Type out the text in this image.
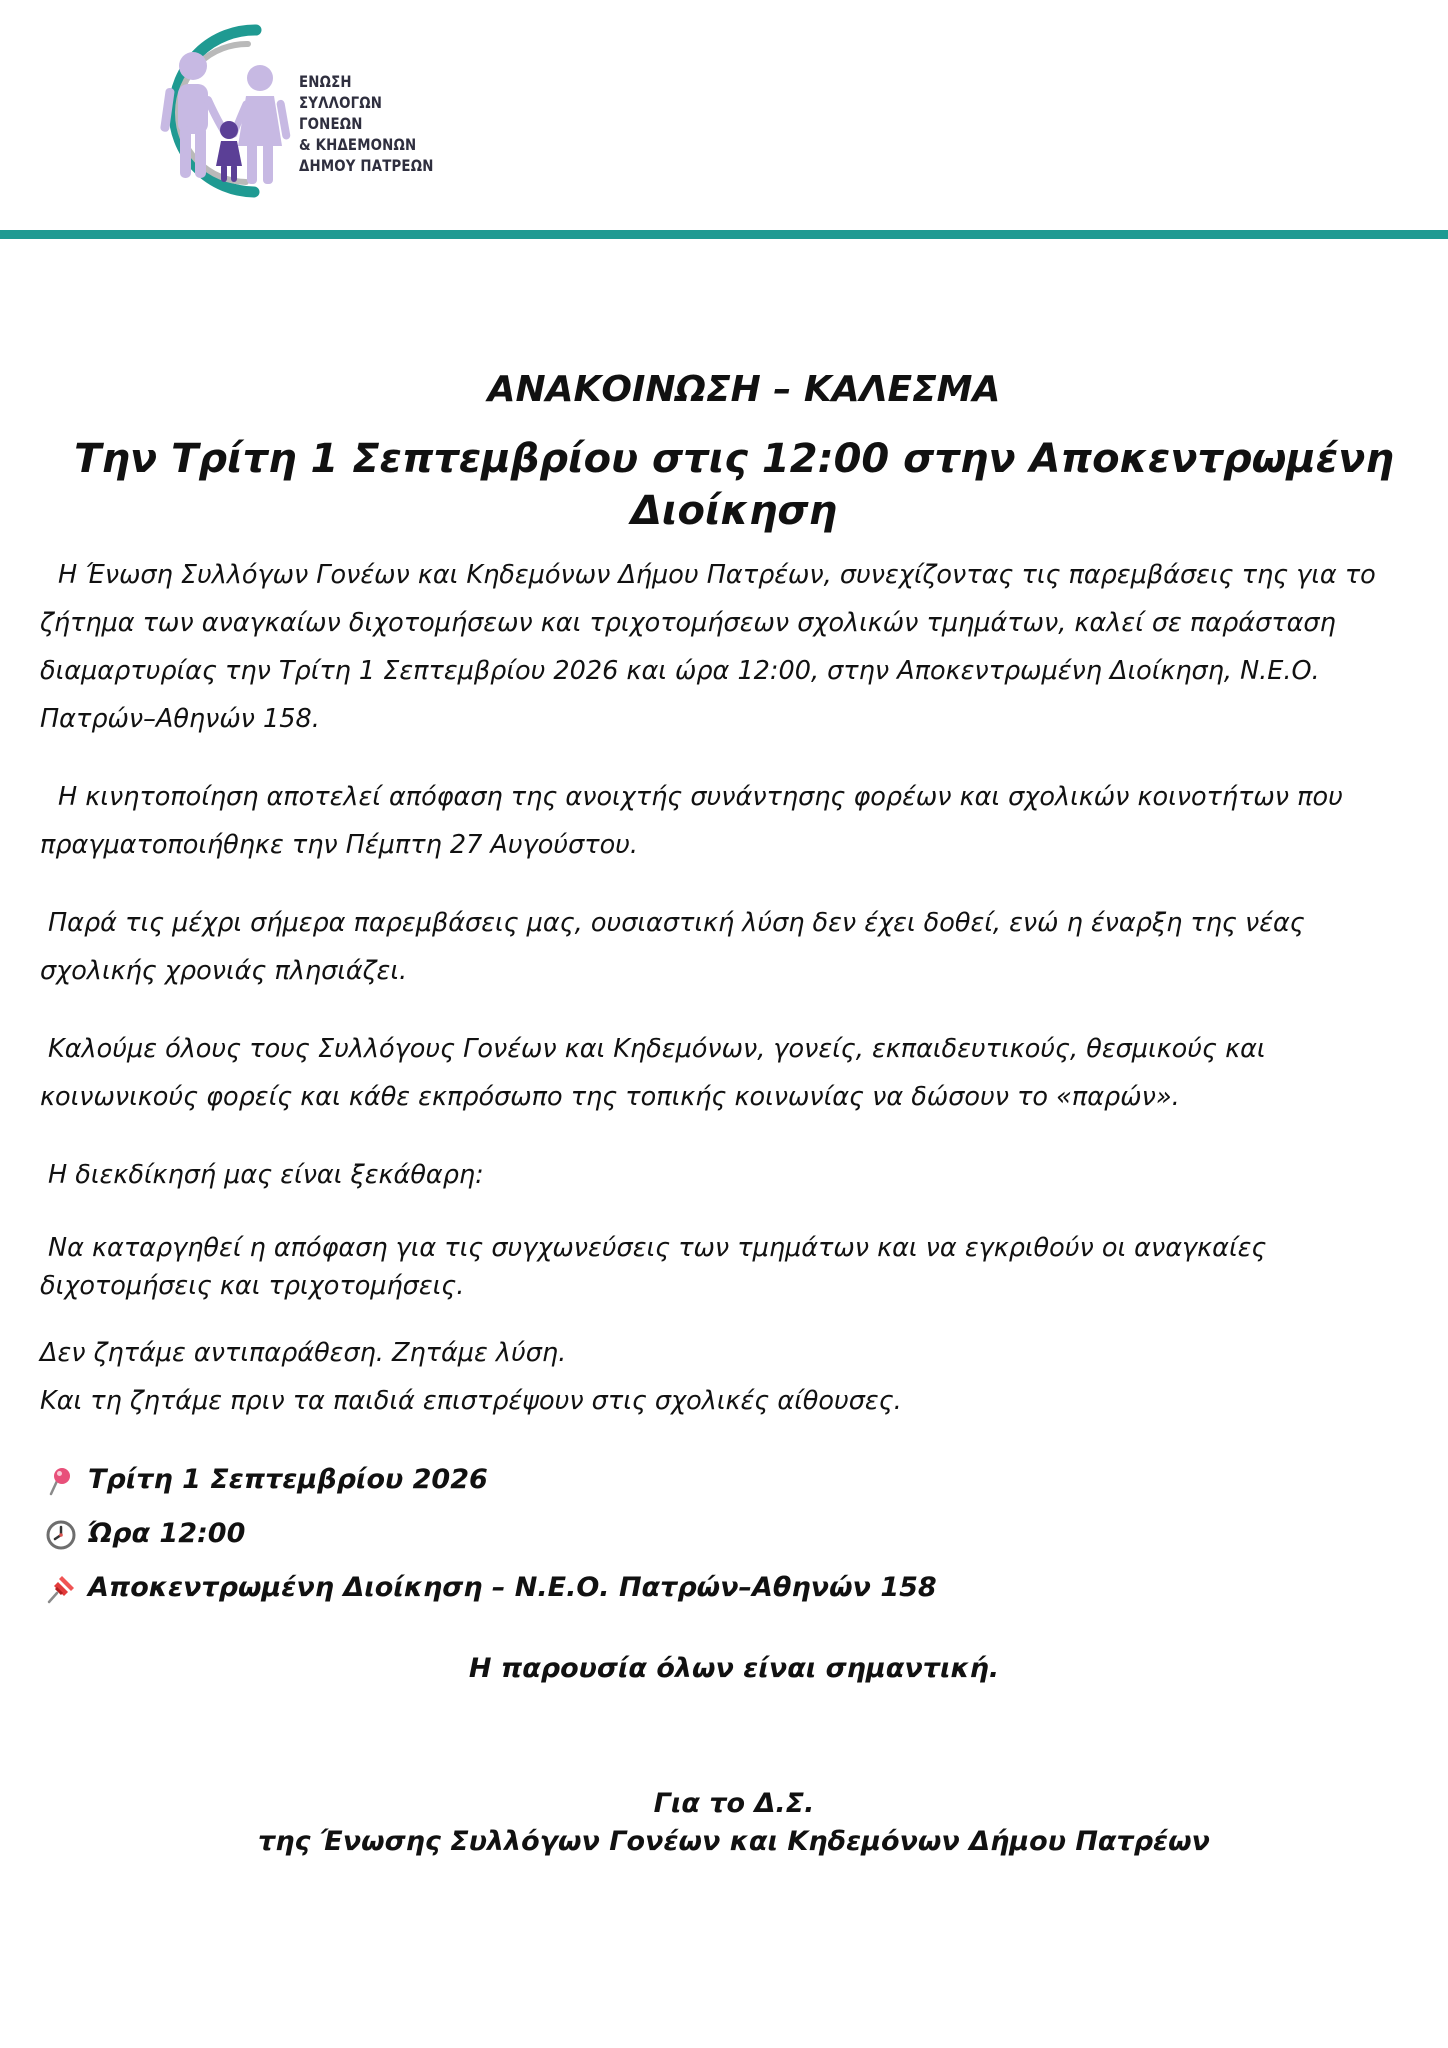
ΕΝΩΣΗ
ΣΥΛΛΟΓΩΝ
ΓΟΝΕΩΝ
& ΚΗΔΕΜΟΝΩΝ
ΔΗΜΟΥ ΠΑΤΡΕΩΝ
ΑΝΑΚΟΙΝΩΣΗ – ΚΑΛΕΣΜΑ
Την Τρίτη 1 Σεπτεμβρίου στις 12:00 στην Αποκεντρωμένη Διοίκηση
Η Ένωση Συλλόγων Γονέων και Κηδεμόνων Δήμου Πατρέων, συνεχίζοντας τις παρεμβάσεις της για το ζήτημα των αναγκαίων διχοτομήσεων και τριχοτομήσεων σχολικών τμημάτων, καλεί σε παράσταση διαμαρτυρίας την Τρίτη 1 Σεπτεμβρίου 2026 και ώρα 12:00, στην Αποκεντρωμένη Διοίκηση, Ν.Ε.Ο. Πατρών–Αθηνών 158.
Η κινητοποίηση αποτελεί απόφαση της ανοιχτής συνάντησης φορέων και σχολικών κοινοτήτων που πραγματοποιήθηκε την Πέμπτη 27 Αυγούστου.
Παρά τις μέχρι σήμερα παρεμβάσεις μας, ουσιαστική λύση δεν έχει δοθεί, ενώ η έναρξη της νέας σχολικής χρονιάς πλησιάζει.
Καλούμε όλους τους Συλλόγους Γονέων και Κηδεμόνων, γονείς, εκπαιδευτικούς, θεσμικούς και κοινωνικούς φορείς και κάθε εκπρόσωπο της τοπικής κοινωνίας να δώσουν το «παρών».
Η διεκδίκησή μας είναι ξεκάθαρη:
Να καταργηθεί η απόφαση για τις συγχωνεύσεις των τμημάτων και να εγκριθούν οι αναγκαίες διχοτομήσεις και τριχοτομήσεις.
Δεν ζητάμε αντιπαράθεση. Ζητάμε λύση.
Και τη ζητάμε πριν τα παιδιά επιστρέψουν στις σχολικές αίθουσες.
Τρίτη 1 Σεπτεμβρίου 2026
Ώρα 12:00
Αποκεντρωμένη Διοίκηση – Ν.Ε.Ο. Πατρών–Αθηνών 158
Η παρουσία όλων είναι σημαντική.
Για το Δ.Σ.
της Ένωσης Συλλόγων Γονέων και Κηδεμόνων Δήμου Πατρέων
